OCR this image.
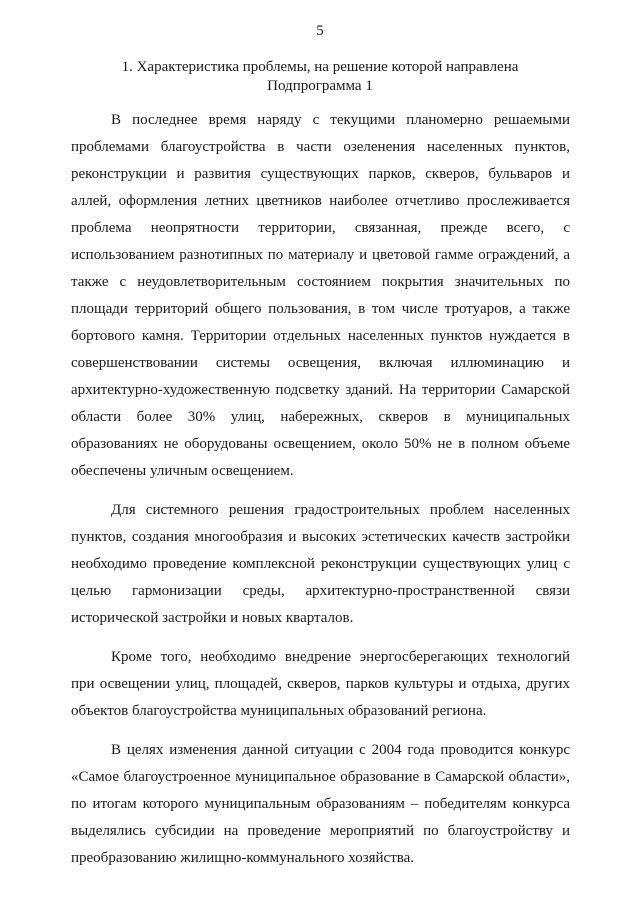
5
1. Характеристика проблемы, на решение которой направлена
Подпрограмма 1
В последнее время наряду с текущими планомерно решаемыми
проблемами благоустройства в части озеленения населенных пунктов,
реконструкции и развития существующих парков, скверов, бульваров и
аллей, оформления летних цветников наиболее отчетливо прослеживается
проблема неопрятности территории, связанная, прежде всего, с
использованием разнотипных по материалу и цветовой гамме ограждений, а
также с неудовлетворительным состоянием покрытия значительных по
площади территорий общего пользования, в том числе тротуаров, а также
бортового камня. Территории отдельных населенных пунктов нуждается в
совершенствовании системы освещения, включая иллюминацию и
архитектурно-художественную подсветку зданий. На территории Самарской
области более 30% улиц, набережных, скверов в муниципальных
образованиях не оборудованы освещением, около 50% не в полном объеме
обеспечены уличным освещением.
Для системного решения градостроительных проблем населенных
пунктов, создания многообразия и высоких эстетических качеств застройки
необходимо проведение комплексной реконструкции существующих улиц с
целью гармонизации среды, архитектурно-пространственной связи
исторической застройки и новых кварталов.
Кроме того, необходимо внедрение энергосберегающих технологий
при освещении улиц, площадей, скверов, парков культуры и отдыха, других
объектов благоустройства муниципальных образований региона.
В целях изменения данной ситуации с 2004 года проводится конкурс
«Самое благоустроенное муниципальное образование в Самарской области»,
по итогам которого муниципальным образованиям – победителям конкурса
выделялись субсидии на проведение мероприятий по благоустройству и
преобразованию жилищно-коммунального хозяйства.
